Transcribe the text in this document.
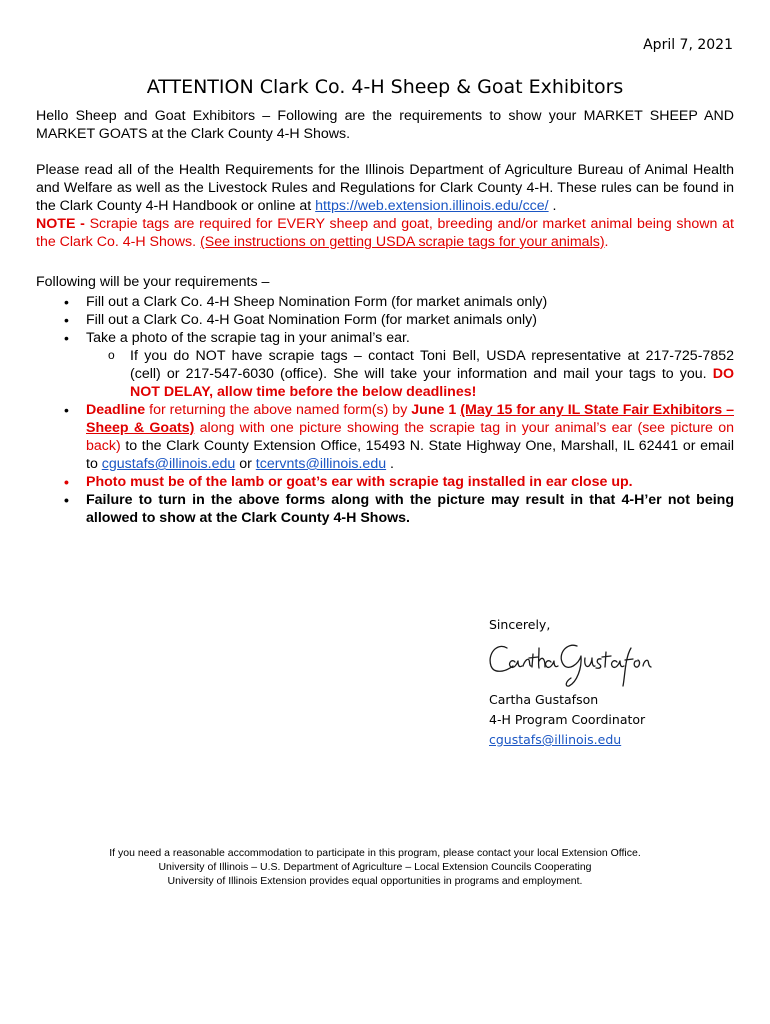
April 7, 2021
ATTENTION Clark Co. 4-H Sheep & Goat Exhibitors
Hello Sheep and Goat Exhibitors – Following are the requirements to show your MARKET SHEEP AND MARKET GOATS at the Clark County 4-H Shows.
Please read all of the Health Requirements for the Illinois Department of Agriculture Bureau of Animal Health and Welfare as well as the Livestock Rules and Regulations for Clark County 4-H. These rules can be found in the Clark County 4-H Handbook or online at https://web.extension.illinois.edu/cce/ .
NOTE - Scrapie tags are required for EVERY sheep and goat, breeding and/or market animal being shown at the Clark Co. 4-H Shows. (See instructions on getting USDA scrapie tags for your animals).
Following will be your requirements –
• Fill out a Clark Co. 4-H Sheep Nomination Form (for market animals only)
• Fill out a Clark Co. 4-H Goat Nomination Form (for market animals only)
• Take a photo of the scrapie tag in your animal’s ear.
o If you do NOT have scrapie tags – contact Toni Bell, USDA representative at 217-725-7852 (cell) or 217-547-6030 (office). She will take your information and mail your tags to you. DO NOT DELAY, allow time before the below deadlines!
• Deadline for returning the above named form(s) by June 1 (May 15 for any IL State Fair Exhibitors – Sheep & Goats) along with one picture showing the scrapie tag in your animal’s ear (see picture on back) to the Clark County Extension Office, 15493 N. State Highway One, Marshall, IL 62441 or email to cgustafs@illinois.edu or tcervnts@illinois.edu .
• Photo must be of the lamb or goat’s ear with scrapie tag installed in ear close up.
• Failure to turn in the above forms along with the picture may result in that 4-H’er not being allowed to show at the Clark County 4-H Shows.
Sincerely,
Cartha Gustafson
4-H Program Coordinator
cgustafs@illinois.edu
If you need a reasonable accommodation to participate in this program, please contact your local Extension Office.
University of Illinois – U.S. Department of Agriculture – Local Extension Councils Cooperating
University of Illinois Extension provides equal opportunities in programs and employment.
